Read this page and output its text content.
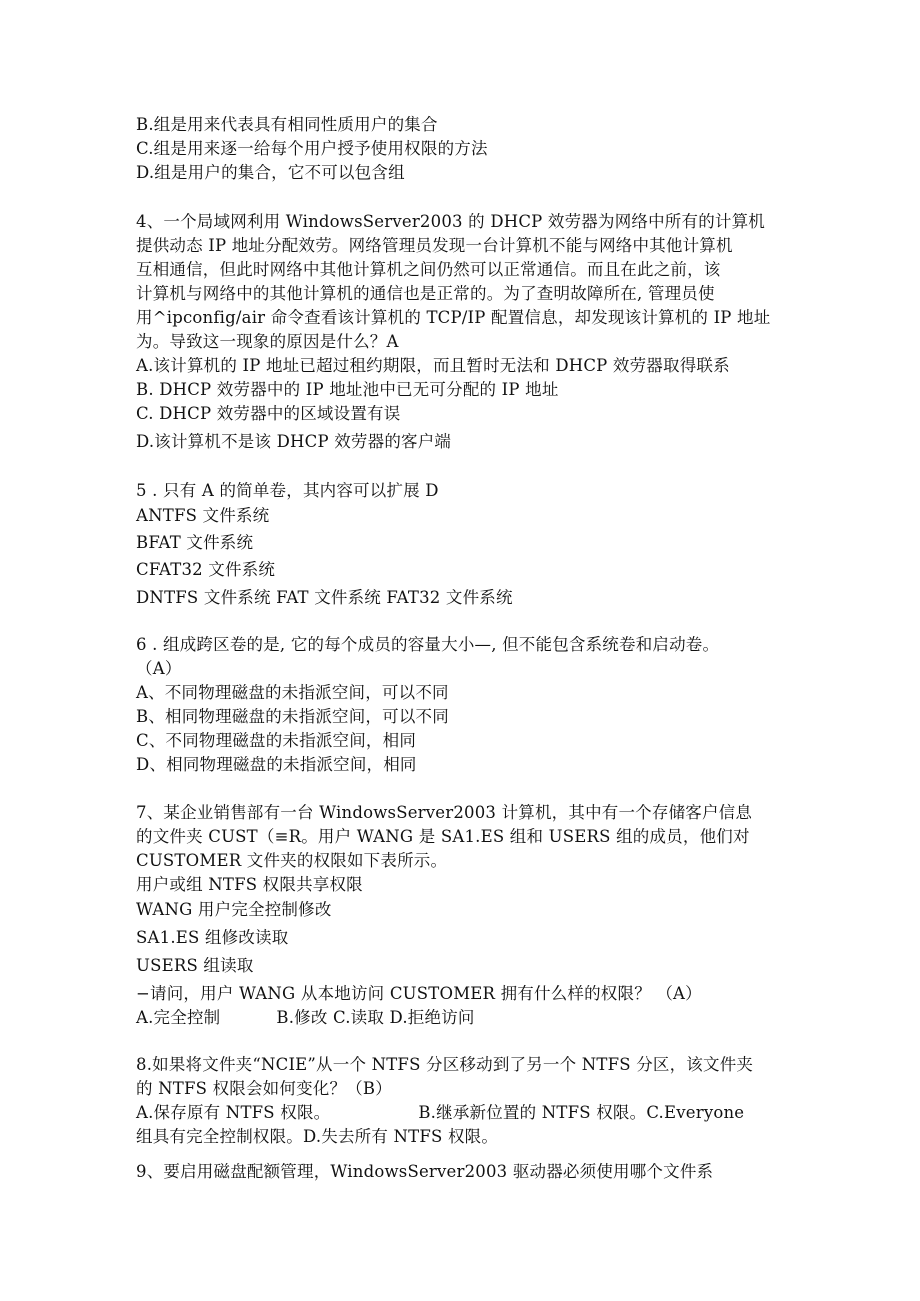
B.组是用来代表具有相同性质用户的集合
C.组是用来逐一给每个用户授予使用权限的方法
D.组是用户的集合，它不可以包含组
4、一个局域网利用 WindowsServer2003 的 DHCP 效劳器为网络中所有的计算机
提供动态 IP 地址分配效劳。网络管理员发现一台计算机不能与网络中其他计算机
互相通信，但此时网络中其他计算机之间仍然可以正常通信。而且在此之前，该
计算机与网络中的其他计算机的通信也是正常的。为了查明故障所在, 管理员使
用^ipconfig/air 命令查看该计算机的 TCP/IP 配置信息，却发现该计算机的 IP 地址
为。导致这一现象的原因是什么？A
A.该计算机的 IP 地址已超过租约期限，而且暂时无法和 DHCP 效劳器取得联系
B. DHCP 效劳器中的 IP 地址池中已无可分配的 IP 地址
C. DHCP 效劳器中的区域设置有误
D.该计算机不是该 DHCP 效劳器的客户端
5 . 只有 A 的简单卷，其内容可以扩展 D
ANTFS 文件系统
BFAT 文件系统
CFAT32 文件系统
DNTFS 文件系统 FAT 文件系统 FAT32 文件系统
6 . 组成跨区卷的是, 它的每个成员的容量大小—, 但不能包含系统卷和启动卷。
（A）
A、不同物理磁盘的未指派空间，可以不同
B、相同物理磁盘的未指派空间，可以不同
C、不同物理磁盘的未指派空间，相同
D、相同物理磁盘的未指派空间，相同
7、某企业销售部有一台 WindowsServer2003 计算机，其中有一个存储客户信息
的文件夹 CUST（≡R。用户 WANG 是 SA1.ES 组和 USERS 组的成员，他们对
CUSTOMER 文件夹的权限如下表所示。
用户或组 NTFS 权限共享权限
WANG 用户完全控制修改
SA1.ES 组修改读取
USERS 组读取
−请问，用户 WANG 从本地访问 CUSTOMER 拥有什么样的权限？ （A）
A.完全控制	B.修改 C.读取 D.拒绝访问
8.如果将文件夹“NCIE”从一个 NTFS 分区移动到了另一个 NTFS 分区，该文件夹
的 NTFS 权限会如何变化？（B）
A.保存原有 NTFS 权限。	B.继承新位置的 NTFS 权限。C.Everyone
组具有完全控制权限。D.失去所有 NTFS 权限。
9、要启用磁盘配额管理，WindowsServer2003 驱动器必须使用哪个文件系
